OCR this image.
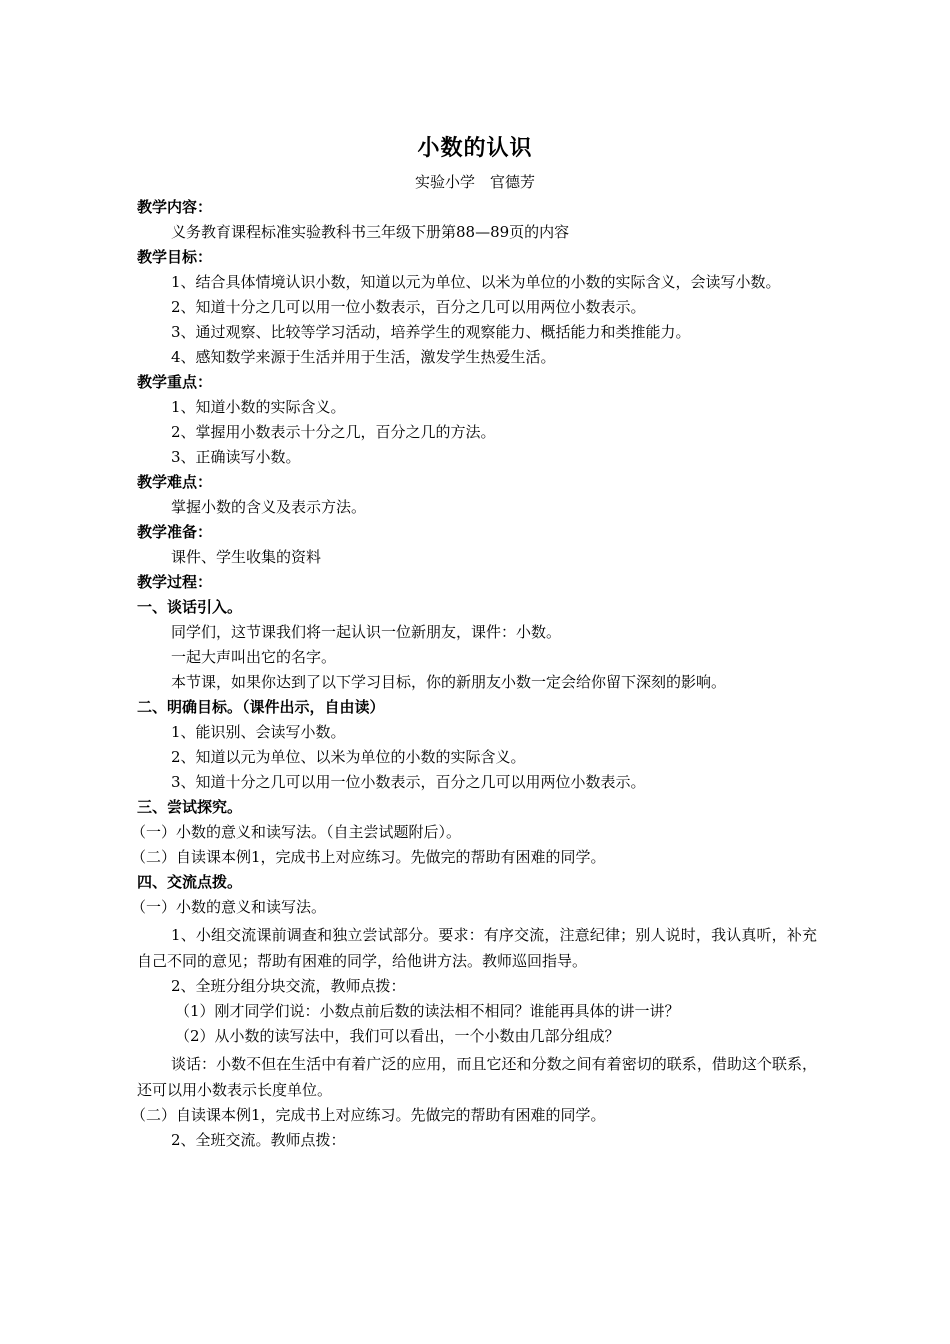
小数的认识
实验小学　官德芳
教学内容：
义务教育课程标准实验教科书三年级下册第88—89页的内容
教学目标：
1、结合具体情境认识小数，知道以元为单位、以米为单位的小数的实际含义，会读写小数。
2、知道十分之几可以用一位小数表示，百分之几可以用两位小数表示。
3、通过观察、比较等学习活动，培养学生的观察能力、概括能力和类推能力。
4、感知数学来源于生活并用于生活，激发学生热爱生活。
教学重点：
1、知道小数的实际含义。
2、掌握用小数表示十分之几，百分之几的方法。
3、正确读写小数。
教学难点：
掌握小数的含义及表示方法。
教学准备：
课件、学生收集的资料
教学过程：
一、谈话引入。
同学们，这节课我们将一起认识一位新朋友，课件：小数。
一起大声叫出它的名字。
本节课，如果你达到了以下学习目标，你的新朋友小数一定会给你留下深刻的影响。
二、明确目标。（课件出示，自由读）
1、能识别、会读写小数。
2、知道以元为单位、以米为单位的小数的实际含义。
3、知道十分之几可以用一位小数表示，百分之几可以用两位小数表示。
三、尝试探究。
（一）小数的意义和读写法。（自主尝试题附后）。
（二）自读课本例1，完成书上对应练习。先做完的帮助有困难的同学。
四、交流点拨。
（一）小数的意义和读写法。
1、小组交流课前调查和独立尝试部分。要求：有序交流，注意纪律；别人说时，我认真听，补充自己不同的意见；帮助有困难的同学，给他讲方法。教师巡回指导。
2、全班分组分块交流，教师点拨：
（1）刚才同学们说：小数点前后数的读法相不相同？谁能再具体的讲一讲？
（2）从小数的读写法中，我们可以看出，一个小数由几部分组成？
谈话：小数不但在生活中有着广泛的应用，而且它还和分数之间有着密切的联系，借助这个联系，还可以用小数表示长度单位。
（二）自读课本例1，完成书上对应练习。先做完的帮助有困难的同学。
2、全班交流。教师点拨：
